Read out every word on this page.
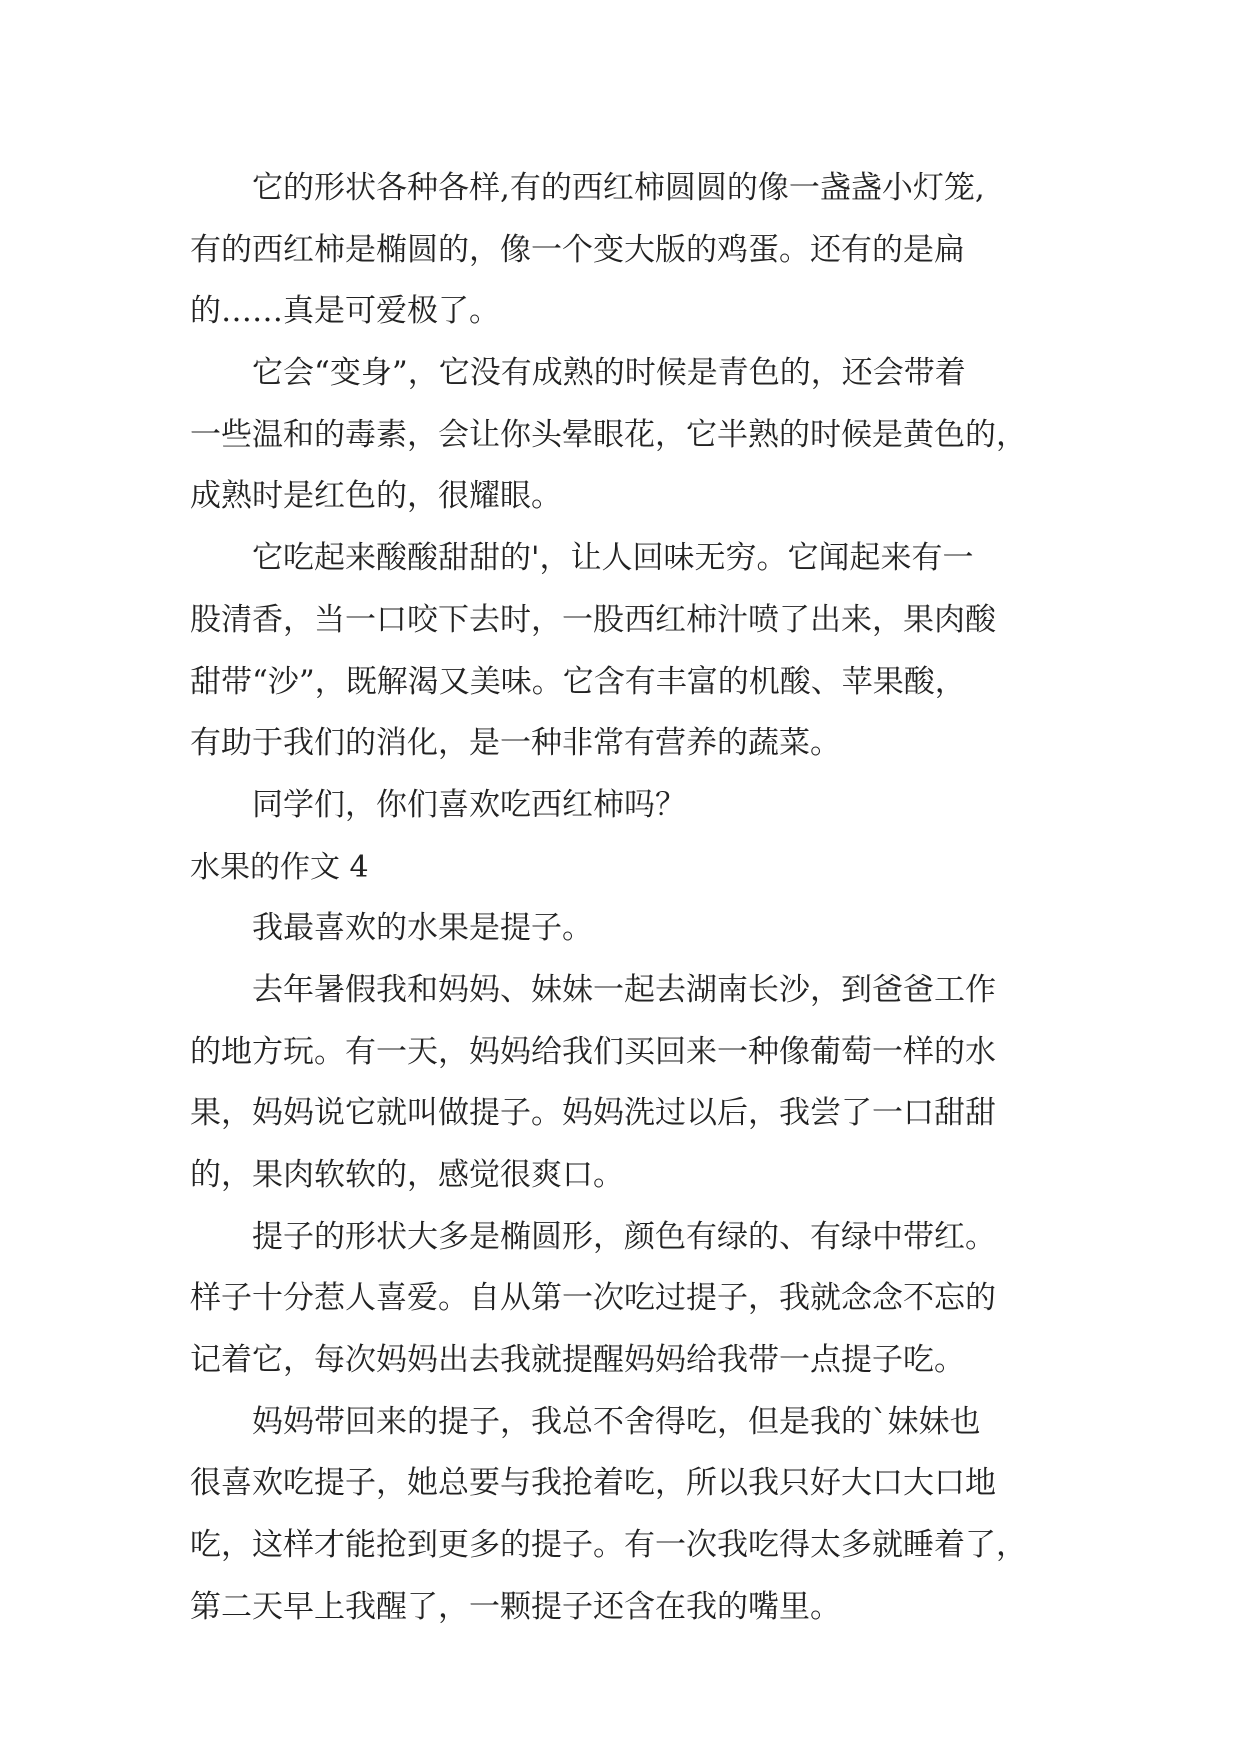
它的形状各种各样,有的西红柿圆圆的像一盏盏小灯笼,
有的西红柿是椭圆的，像一个变大版的鸡蛋。还有的是扁
的……真是可爱极了。
它会“变身”，它没有成熟的时候是青色的，还会带着
一些温和的毒素，会让你头晕眼花，它半熟的时候是黄色的，
成熟时是红色的，很耀眼。
它吃起来酸酸甜甜的'，让人回味无穷。它闻起来有一
股清香，当一口咬下去时，一股西红柿汁喷了出来，果肉酸
甜带“沙”，既解渴又美味。它含有丰富的机酸、苹果酸，
有助于我们的消化，是一种非常有营养的蔬菜。
同学们，你们喜欢吃西红柿吗？
水果的作文 4
我最喜欢的水果是提子。
去年暑假我和妈妈、妹妹一起去湖南长沙，到爸爸工作
的地方玩。有一天，妈妈给我们买回来一种像葡萄一样的水
果，妈妈说它就叫做提子。妈妈洗过以后，我尝了一口甜甜
的，果肉软软的，感觉很爽口。
提子的形状大多是椭圆形，颜色有绿的、有绿中带红。
样子十分惹人喜爱。自从第一次吃过提子，我就念念不忘的
记着它，每次妈妈出去我就提醒妈妈给我带一点提子吃。
妈妈带回来的提子，我总不舍得吃，但是我的`妹妹也
很喜欢吃提子，她总要与我抢着吃，所以我只好大口大口地
吃，这样才能抢到更多的提子。有一次我吃得太多就睡着了，
第二天早上我醒了，一颗提子还含在我的嘴里。
